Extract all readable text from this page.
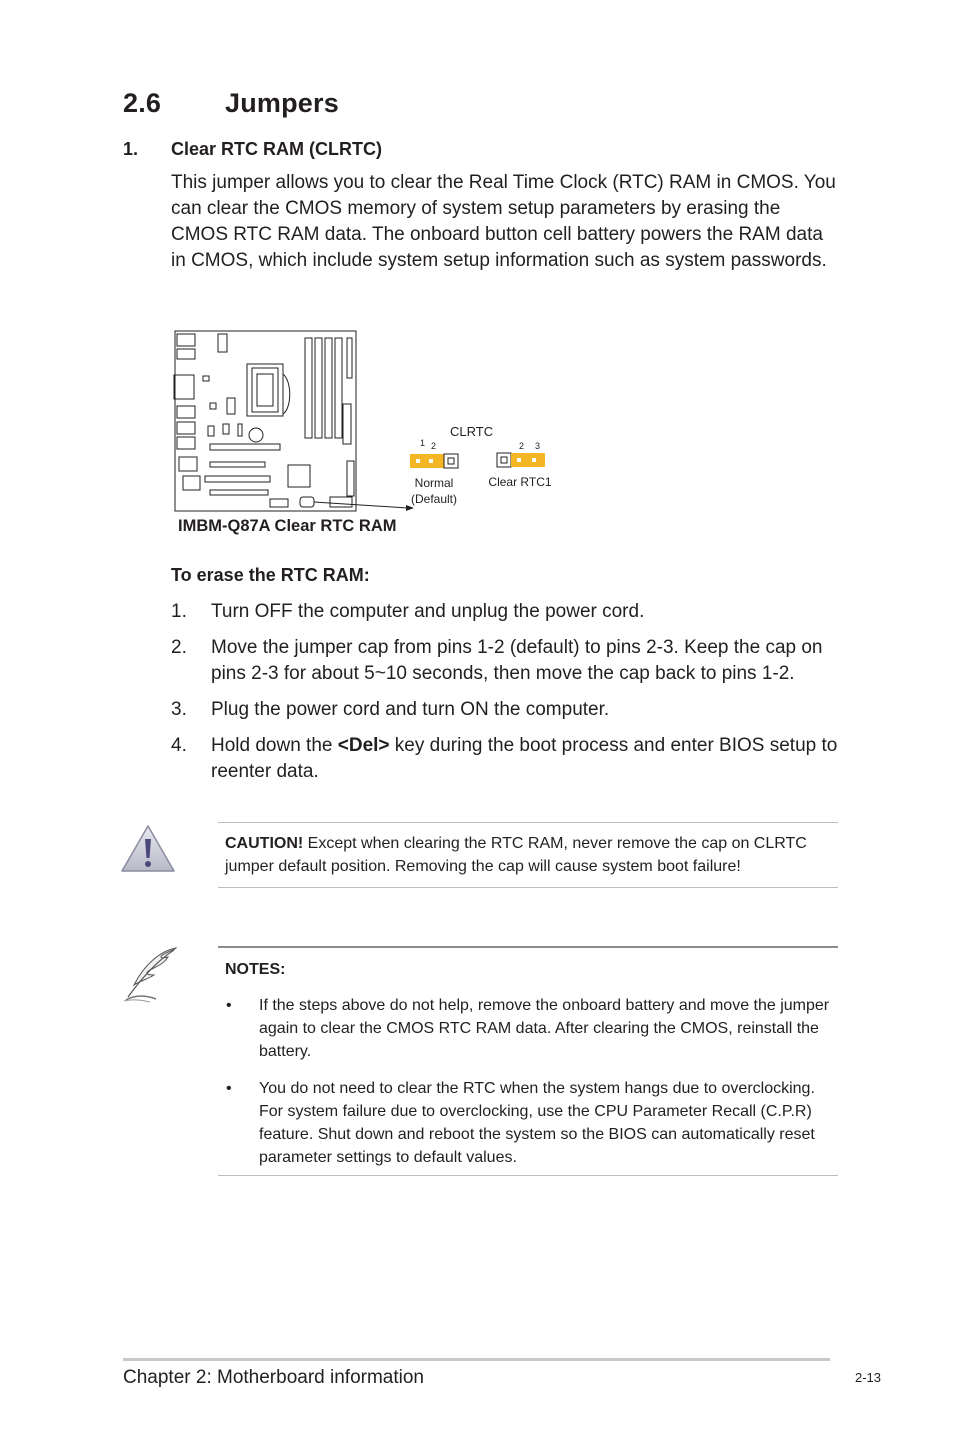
2.6 Jumpers
1. Clear RTC RAM (CLRTC)
This jumper allows you to clear the Real Time Clock (RTC) RAM in CMOS. You can clear the CMOS memory of system setup parameters by erasing the CMOS RTC RAM data. The onboard button cell battery powers the RAM data in CMOS, which include system setup information such as system passwords.
CLRTC
1 2
Normal
(Default)
2 3
Clear RTC1
IMBM-Q87A Clear RTC RAM
To erase the RTC RAM:
1. Turn OFF the computer and unplug the power cord.
2. Move the jumper cap from pins 1-2 (default) to pins 2-3. Keep the cap on pins 2-3 for about 5~10 seconds, then move the cap back to pins 1-2.
3. Plug the power cord and turn ON the computer.
4. Hold down the <Del> key during the boot process and enter BIOS setup to reenter data.
CAUTION! Except when clearing the RTC RAM, never remove the cap on CLRTC jumper default position. Removing the cap will cause system boot failure!
NOTES:
• If the steps above do not help, remove the onboard battery and move the jumper again to clear the CMOS RTC RAM data. After clearing the CMOS, reinstall the battery.
• You do not need to clear the RTC when the system hangs due to overclocking. For system failure due to overclocking, use the CPU Parameter Recall (C.P.R) feature. Shut down and reboot the system so the BIOS can automatically reset parameter settings to default values.
Chapter 2: Motherboard information	2-13
